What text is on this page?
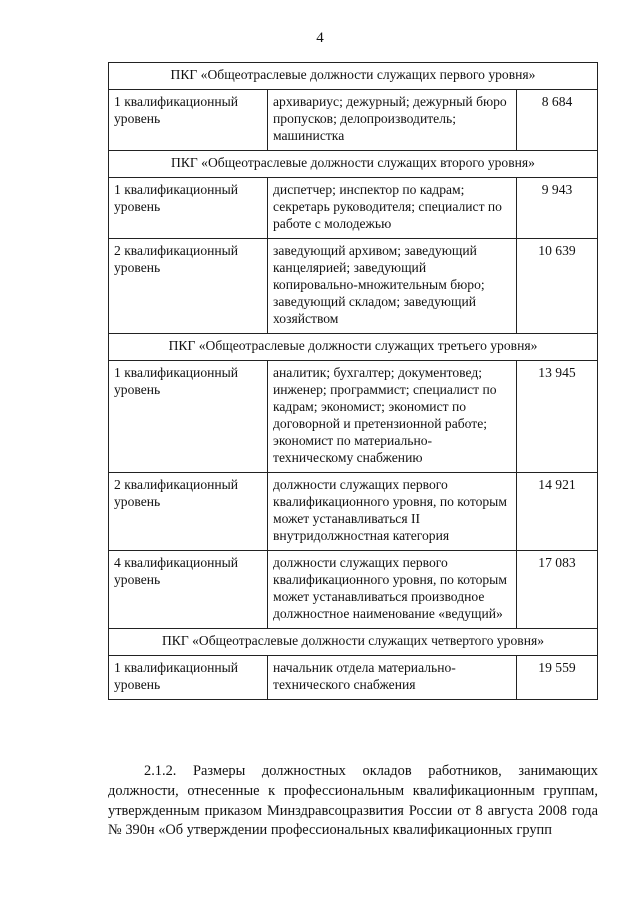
4
ПКГ «Общеотраслевые должности служащих первого уровня»		
1 квалификационный уровень	архивариус; дежурный; дежурный бюро пропусков; делопроизводитель; машинистка	8 684
ПКГ «Общеотраслевые должности служащих второго уровня»		
1 квалификационный уровень	диспетчер; инспектор по кадрам; секретарь руководителя; специалист по работе с молодежью	9 943
2 квалификационный уровень	заведующий архивом; заведующий канцелярией; заведующий копировально-множительным бюро; заведующий складом; заведующий хозяйством	10 639
ПКГ «Общеотраслевые должности служащих третьего уровня»		
1 квалификационный уровень	аналитик; бухгалтер; документовед; инженер; программист; специалист по кадрам; экономист; экономист по договорной и претензионной работе; экономист по материально-техническому снабжению	13 945
2 квалификационный уровень	должности служащих первого квалификационного уровня, по которым может устанавливаться II внутридолжностная категория	14 921
4 квалификационный уровень	должности служащих первого квалификационного уровня, по которым может устанавливаться производное должностное наименование «ведущий»	17 083
ПКГ «Общеотраслевые должности служащих четвертого уровня»		
1 квалификационный уровень	начальник отдела материально-технического снабжения	19 559

2.1.2. Размеры должностных окладов работников, занимающих должности, отнесенные к профессиональным квалификационным группам, утвержденным приказом Минздравсоцразвития России от 8 августа 2008 года № 390н «Об утверждении профессиональных квалификационных групп
